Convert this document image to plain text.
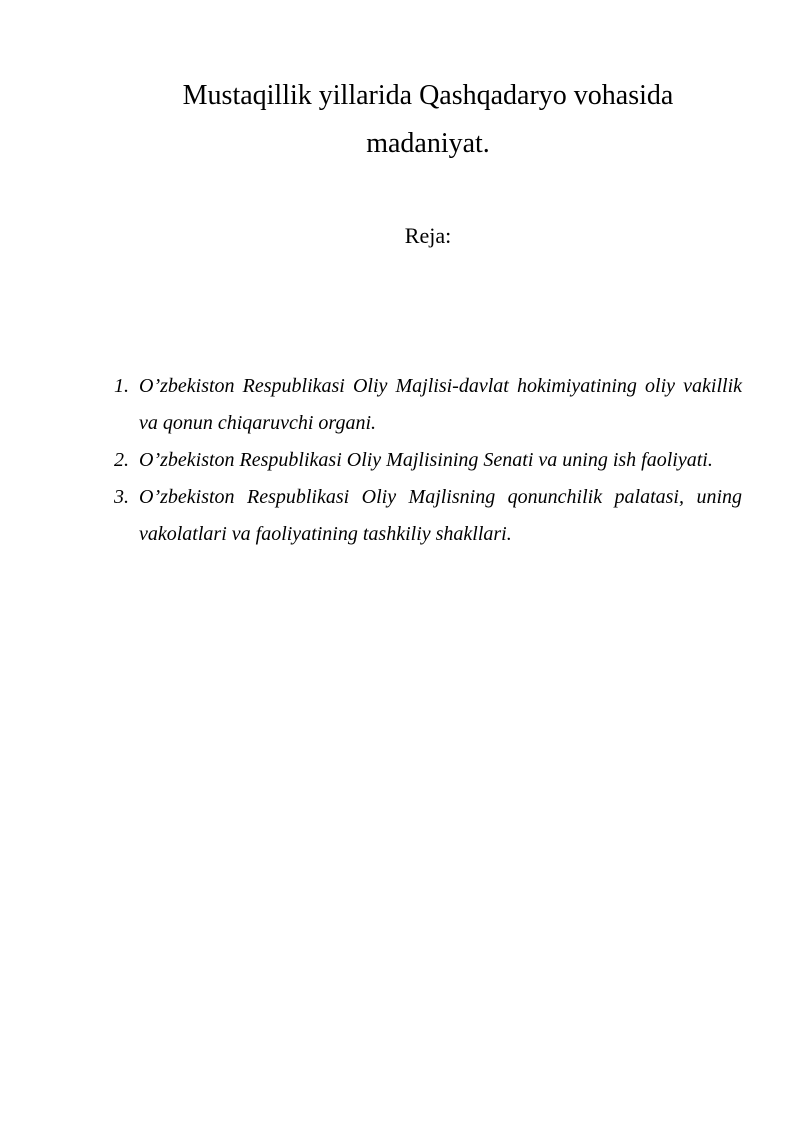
Mustaqillik yillarida Qashqadaryo vohasida
madaniyat.
Reja:
1. O’zbekiston Respublikasi Oliy Majlisi-davlat hokimiyatining oliy vakillik va qonun chiqaruvchi organi.
2. O’zbekiston Respublikasi Oliy Majlisining Senati va uning ish faoliyati.
3. O’zbekiston Respublikasi Oliy Majlisning qonunchilik palatasi, uning vakolatlari va faoliyatining tashkiliy shakllari.
